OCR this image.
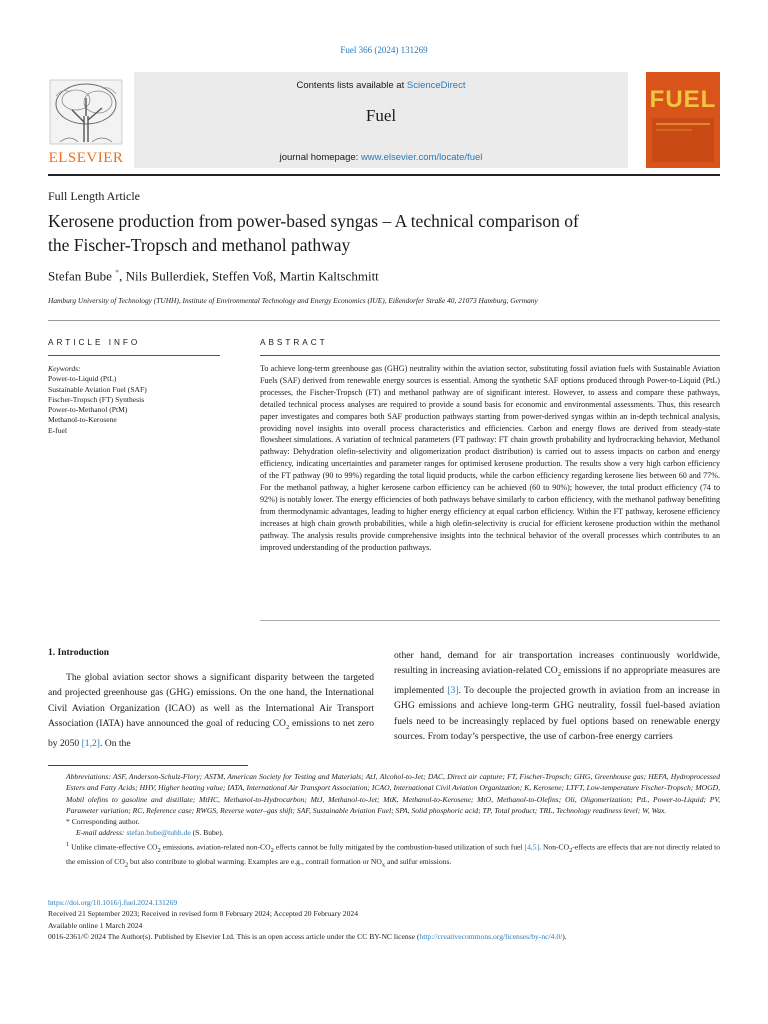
Fuel 366 (2024) 131269
Contents lists available at ScienceDirect
Fuel
journal homepage: www.elsevier.com/locate/fuel
ELSEVIER
FUEL
Full Length Article
Kerosene production from power-based syngas – A technical comparison of
the Fischer-Tropsch and methanol pathway
Stefan Bube *, Nils Bullerdiek, Steffen Voß, Martin Kaltschmitt
Hamburg University of Technology (TUHH), Institute of Environmental Technology and Energy Economics (IUE), Eißendorfer Straße 40, 21073 Hamburg, Germany
ARTICLE INFO
Keywords:
Power-to-Liquid (PtL)
Sustainable Aviation Fuel (SAF)
Fischer-Tropsch (FT) Synthesis
Power-to-Methanol (PtM)
Methanol-to-Kerosene
E-fuel
ABSTRACT
To achieve long-term greenhouse gas (GHG) neutrality within the aviation sector, substituting fossil aviation fuels with Sustainable Aviation Fuels (SAF) derived from renewable energy sources is essential. Among the synthetic SAF options produced through Power-to-Liquid (PtL) processes, the Fischer-Tropsch (FT) and methanol pathway are of significant interest. However, to assess and compare these pathways, detailed technical process analyses are required to provide a sound basis for economic and environmental assessments. Thus, this research paper investigates and compares both SAF production pathways starting from power-derived syngas within an in-depth technical analysis, providing novel insights into overall process characteristics and efficiencies. Carbon and energy flows are derived from steady-state flowsheet simulations. A variation of technical parameters (FT pathway: FT chain growth probability and hydrocracking behavior, Methanol pathway: Dehydration olefin-selectivity and oligomerization product distribution) is carried out to assess impacts on carbon and energy efficiency, indicating uncertainties and parameter ranges for optimised kerosene production. The results show a very high carbon efficiency of the FT pathway (90 to 99%) regarding the total liquid products, while the carbon efficiency regarding kerosene lies between 60 and 77%. For the methanol pathway, a higher kerosene carbon efficiency can be achieved (60 to 90%); however, the total product efficiency (74 to 92%) is notably lower. The energy efficiencies of both pathways behave similarly to carbon efficiency, with the methanol pathway benefiting from thermodynamic advantages, leading to higher energy efficiency at equal carbon efficiency. Within the FT pathway, kerosene efficiency increases at high chain growth probabilities, while a high olefin-selectivity is crucial for efficient kerosene production within the methanol pathway. The analysis results provide comprehensive insights into the technical behavior of the overall processes which contributes to an improved understanding of the production pathways.
1. Introduction

The global aviation sector shows a significant disparity between the targeted and projected greenhouse gas (GHG) emissions. On the one hand, the International Civil Aviation Organization (ICAO) as well as the International Air Transport Association (IATA) have announced the goal of reducing $CO_2$ emissions to net zero by 2050 [1,2]. On the

other hand, demand for air transportation increases continuously worldwide, resulting in increasing aviation-related $CO_2$ emissions if no appropriate measures are implemented [3]. To decouple the projected growth in aviation from an increase in GHG emissions and achieve long-term GHG neutrality, fossil fuel-based aviation fuels need to be increasingly replaced by fuel options based on renewable energy sources. From today’s perspective, the use of carbon-free energy carriers

Abbreviations: ASF, Anderson-Schulz-Flory; ASTM, American Society for Testing and Materials; AtJ, Alcohol-to-Jet; DAC, Direct air capture; FT, Fischer-Tropsch; GHG, Greenhouse gas; HEFA, Hydroprocessed Esters and Fatty Acids; HHV, Higher heating value; IATA, International Air Transport Association; ICAO, International Civil Aviation Organization; K, Kerosene; LTFT, Low-temperature Fischer-Tropsch; MOGD, Mobil olefins to gasoline and distillate; MtHC, Methanol-to-Hydrocarbon; MtJ, Methanol-to-Jet; MtK, Methanol-to-Kerosene; MtO, Methanol-to-Olefins; Oli, Oligomerization; PtL, Power-to-Liquid; PV, Parameter variation; RC, Reference case; RWGS, Reverse water–gas shift; SAF, Sustainable Aviation Fuel; SPA, Solid phosphoric acid; TP, Total product; TRL, Technology readiness level; W, Wax.

* Corresponding author.

E-mail address: stefan.bube@tuhh.de (S. Bube).

$^1$ Unlike climate-effective $CO_2$ emissions, aviation-related non-$CO_2$ effects cannot be fully mitigated by the combustion-based utilization of such fuel [4,5]. Non-$CO_2$-effects are effects that are not directly related to the emission of $CO_2$ but also contribute to global warming. Examples are e.g., contrail formation or $NO_x$ and sulfur emissions.

https://doi.org/10.1016/j.fuel.2024.131269

Received 21 September 2023; Received in revised form 8 February 2024; Accepted 20 February 2024

Available online 1 March 2024

0016-2361/© 2024 The Author(s). Published by Elsevier Ltd. This is an open access article under the CC BY-NC license (http://creativecommons.org/licenses/by-nc/4.0/).
